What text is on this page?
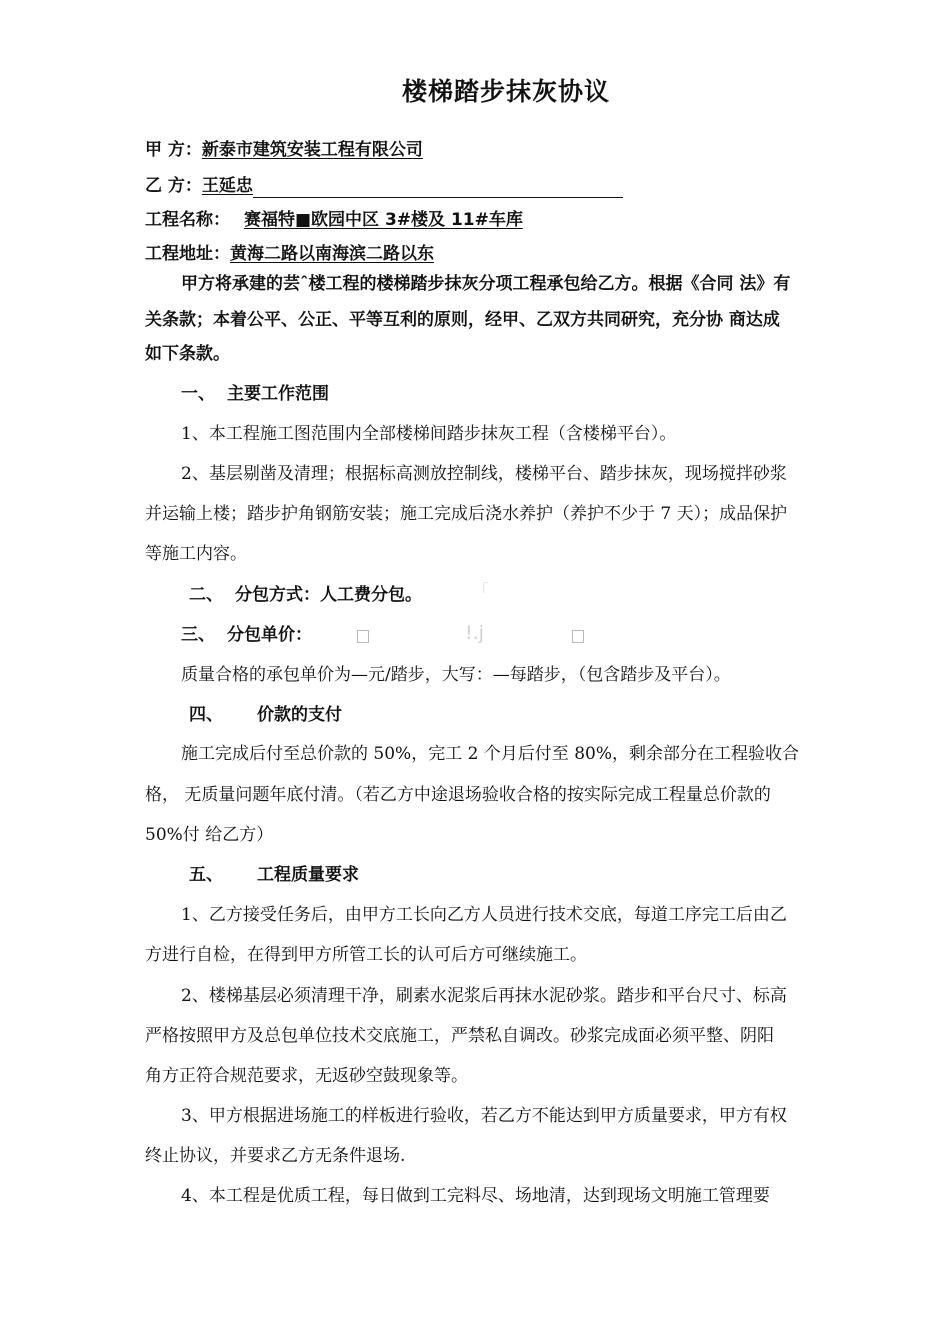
楼梯踏步抹灰协议
甲 方：新泰市建筑安装工程有限公司
乙 方：王延忠
工程名称： 赛福特■欧园中区 3#楼及 11#车库
工程地址：黄海二路以南海滨二路以东
甲方将承建的芸ˆ楼工程的楼梯踏步抹灰分项工程承包给乙方。根据《合同 法》有
关条款；本着公平、公正、平等互利的原则，经甲、乙双方共同研究，充分协 商达成
如下条款。
一、 主要工作范围
1、本工程施工图范围内全部楼梯间踏步抹灰工程（含楼梯平台）。
2、基层剔凿及清理；根据标高测放控制线，楼梯平台、踏步抹灰，现场搅拌砂浆
并运输上楼；踏步护角钢筋安装；施工完成后浇水养护（养护不少于 7 天）；成品保护
等施工内容。
二、 分包方式：人工费分包。	「
三、 分包单价：	!.j
质量合格的承包单价为—元/踏步，大写：—每踏步，（包含踏步及平台）。
四、 价款的支付
施工完成后付至总价款的 50%，完工 2 个月后付至 80%，剩余部分在工程验收合
格， 无质量问题年底付清。（若乙方中途退场验收合格的按实际完成工程量总价款的
50%付 给乙方）
五、 工程质量要求
1、乙方接受任务后，由甲方工长向乙方人员进行技术交底，每道工序完工后由乙
方进行自检，在得到甲方所管工长的认可后方可继续施工。
2、楼梯基层必须清理干净，刷素水泥浆后再抹水泥砂浆。踏步和平台尺寸、标高
严格按照甲方及总包单位技术交底施工，严禁私自调改。砂浆完成面必须平整、阴阳
角方正符合规范要求，无返砂空鼓现象等。
3、甲方根据进场施工的样板进行验收，若乙方不能达到甲方质量要求，甲方有权
终止协议，并要求乙方无条件退场.
4、本工程是优质工程，每日做到工完料尽、场地清，达到现场文明施工管理要
